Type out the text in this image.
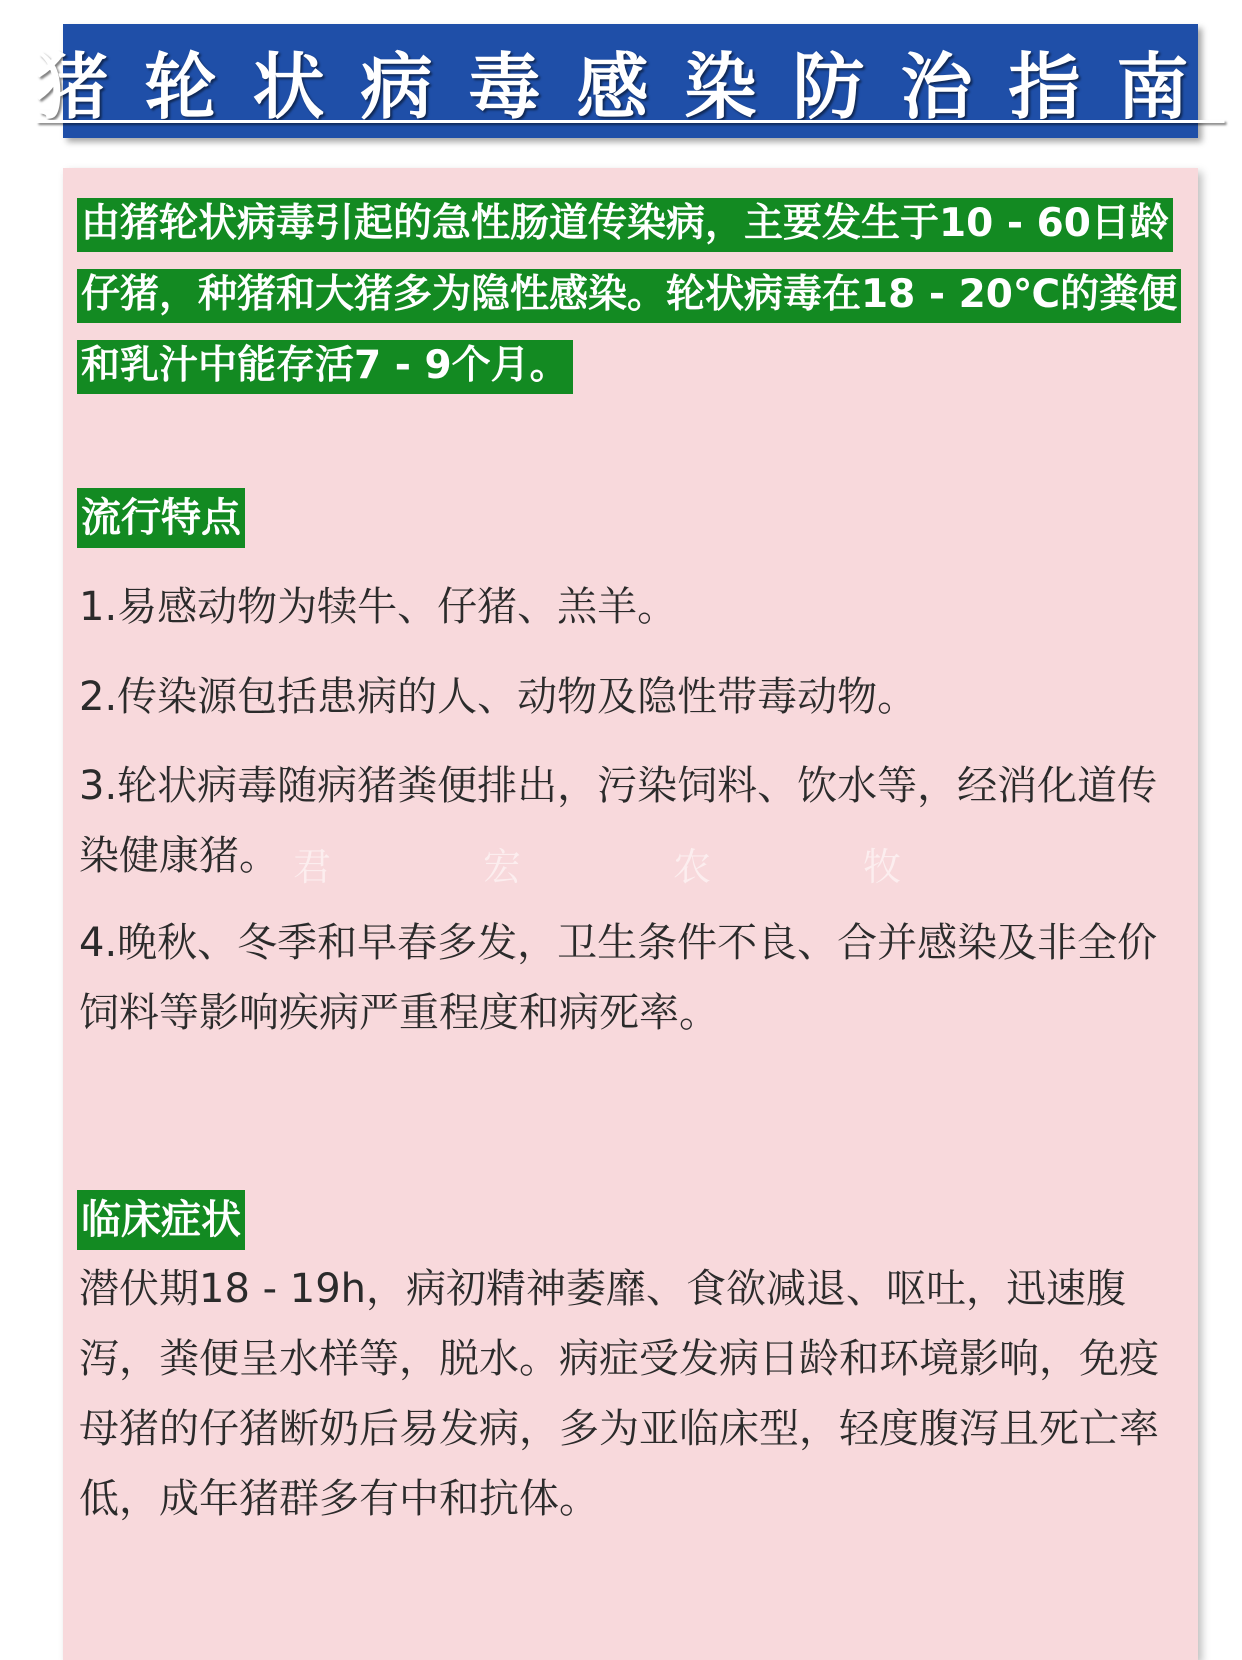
猪轮状病毒感染防治指南
由猪轮状病毒引起的急性肠道传染病，主要发生于10 - 60日龄仔猪，种猪和大猪多为隐性感染。轮状病毒在18 - 20℃的粪便和乳汁中能存活7 - 9个月。
流行特点
1.易感动物为犊牛、仔猪、羔羊。
2.传染源包括患病的人、动物及隐性带毒动物。
3.轮状病毒随病猪粪便排出，污染饲料、饮水等，经消化道传染健康猪。
4.晚秋、冬季和早春多发，卫生条件不良、合并感染及非全价饲料等影响疾病严重程度和病死率。
君	宏	农	牧
临床症状
潜伏期18 - 19h，病初精神萎靡、食欲减退、呕吐，迅速腹泻，粪便呈水样等，脱水。病症受发病日龄和环境影响，免疫母猪的仔猪断奶后易发病，多为亚临床型，轻度腹泻且死亡率低，成年猪群多有中和抗体。
